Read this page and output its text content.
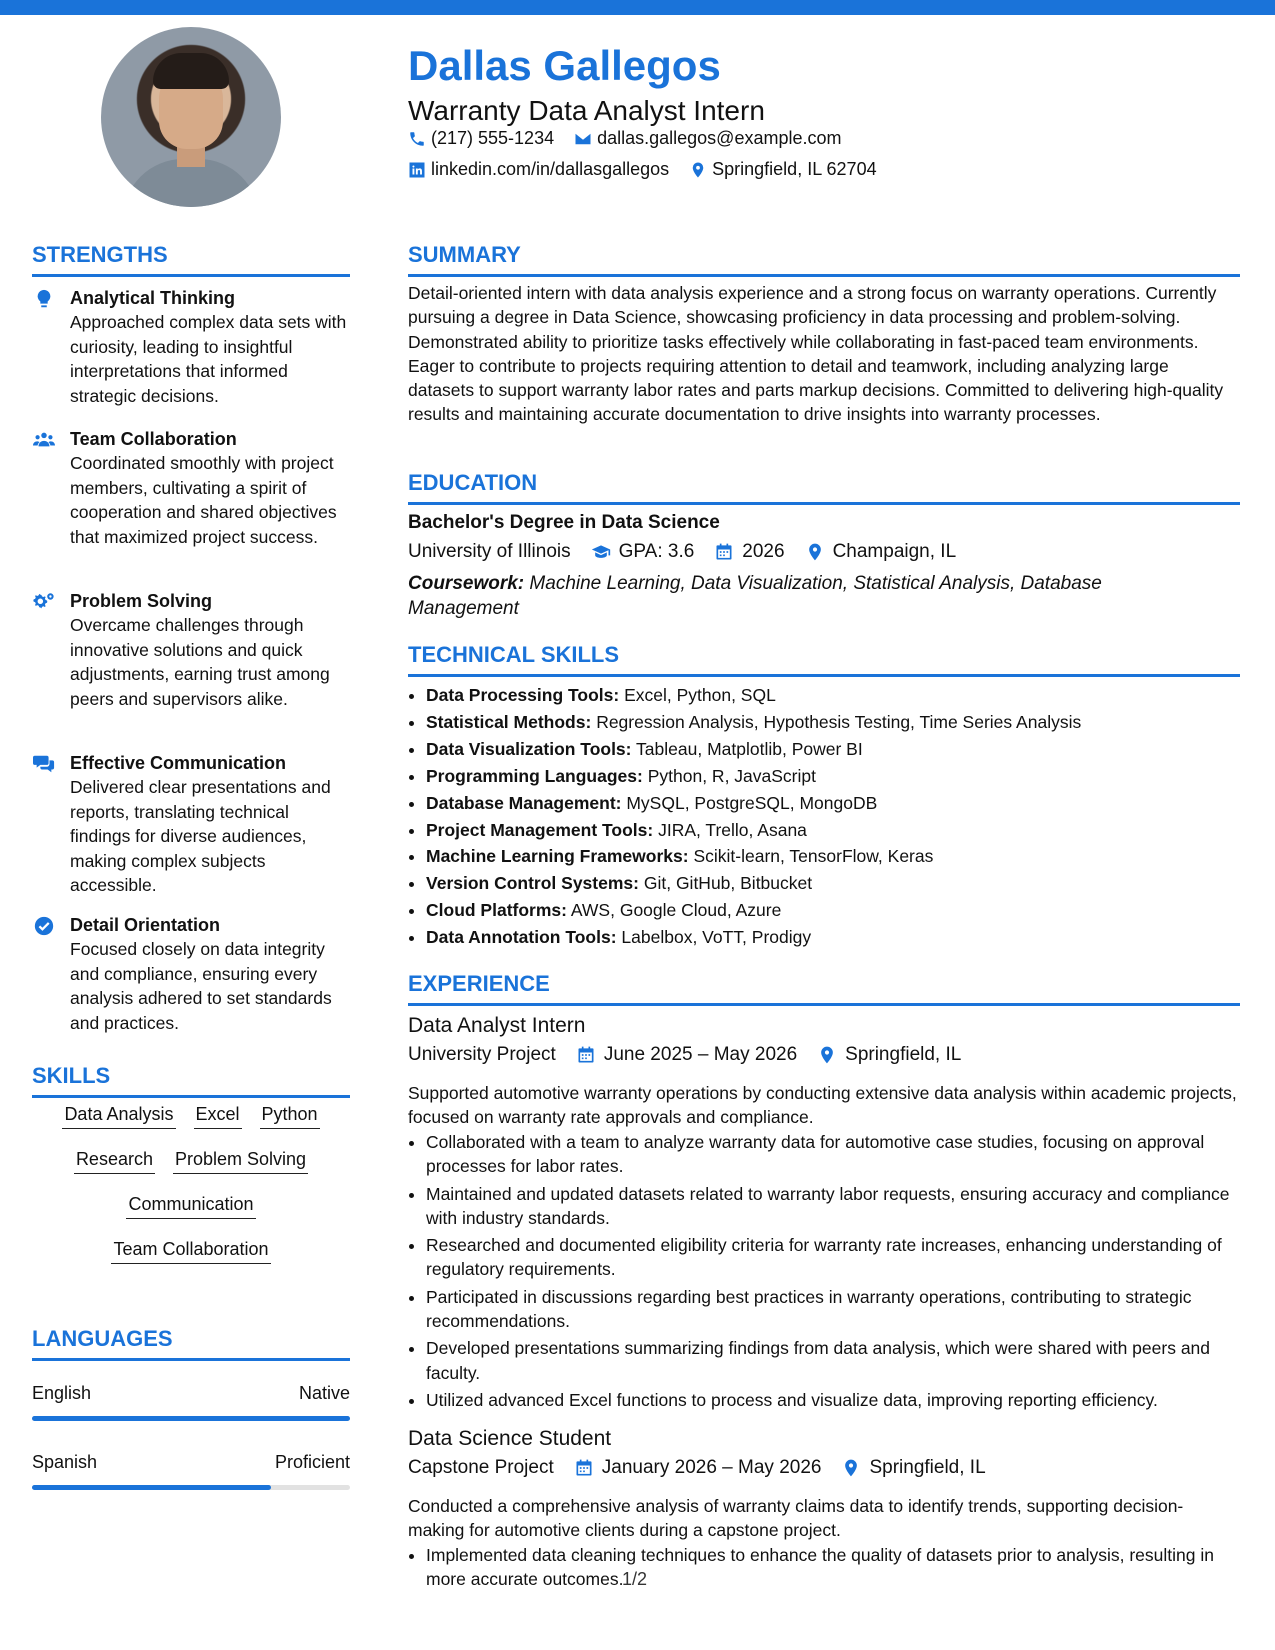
Dallas Gallegos
Warranty Data Analyst Intern
(217) 555-1234 dallas.gallegos@example.com
linkedin.com/in/dallasgallegos Springfield, IL 62704
STRENGTHS
Analytical Thinking
Approached complex data sets with curiosity, leading to insightful interpretations that informed strategic decisions.
Team Collaboration
Coordinated smoothly with project members, cultivating a spirit of cooperation and shared objectives that maximized project success.
Problem Solving
Overcame challenges through innovative solutions and quick adjustments, earning trust among peers and supervisors alike.
Effective Communication
Delivered clear presentations and reports, translating technical findings for diverse audiences, making complex subjects accessible.
Detail Orientation
Focused closely on data integrity and compliance, ensuring every analysis adhered to set standards and practices.
SKILLS
Data Analysis Excel Python
Research Problem Solving
Communication
Team Collaboration
LANGUAGES
English	Native
Spanish	Proficient
SUMMARY

Detail-oriented intern with data analysis experience and a strong focus on warranty operations. Currently pursuing a degree in Data Science, showcasing proficiency in data processing and problem-solving. Demonstrated ability to prioritize tasks effectively while collaborating in fast-paced team environments. Eager to contribute to projects requiring attention to detail and teamwork, including analyzing large datasets to support warranty labor rates and parts markup decisions. Committed to delivering high-quality results and maintaining accurate documentation to drive insights into warranty processes.

EDUCATION
Bachelor's Degree in Data Science
University of Illinois	GPA: 3.6	2026	Champaign, IL
Coursework: Machine Learning, Data Visualization, Statistical Analysis, Database Management
TECHNICAL SKILLS
• Data Processing Tools: Excel, Python, SQL
• Statistical Methods: Regression Analysis, Hypothesis Testing, Time Series Analysis
• Data Visualization Tools: Tableau, Matplotlib, Power BI
• Programming Languages: Python, R, JavaScript
• Database Management: MySQL, PostgreSQL, MongoDB
• Project Management Tools: JIRA, Trello, Asana
• Machine Learning Frameworks: Scikit-learn, TensorFlow, Keras
• Version Control Systems: Git, GitHub, Bitbucket
• Cloud Platforms: AWS, Google Cloud, Azure
• Data Annotation Tools: Labelbox, VoTT, Prodigy
EXPERIENCE
Data Analyst Intern
University Project	June 2025 – May 2026	Springfield, IL

Supported automotive warranty operations by conducting extensive data analysis within academic projects, focused on warranty rate approvals and compliance.

• Collaborated with a team to analyze warranty data for automotive case studies, focusing on approval processes for labor rates.
• Maintained and updated datasets related to warranty labor requests, ensuring accuracy and compliance with industry standards.
• Researched and documented eligibility criteria for warranty rate increases, enhancing understanding of regulatory requirements.
• Participated in discussions regarding best practices in warranty operations, contributing to strategic recommendations.
• Developed presentations summarizing findings from data analysis, which were shared with peers and faculty.
• Utilized advanced Excel functions to process and visualize data, improving reporting efficiency.
Data Science Student
Capstone Project	January 2026 – May 2026	Springfield, IL

Conducted a comprehensive analysis of warranty claims data to identify trends, supporting decision-making for automotive clients during a capstone project.

• Implemented data cleaning techniques to enhance the quality of datasets prior to analysis, resulting in more accurate outcomes.
1/2
